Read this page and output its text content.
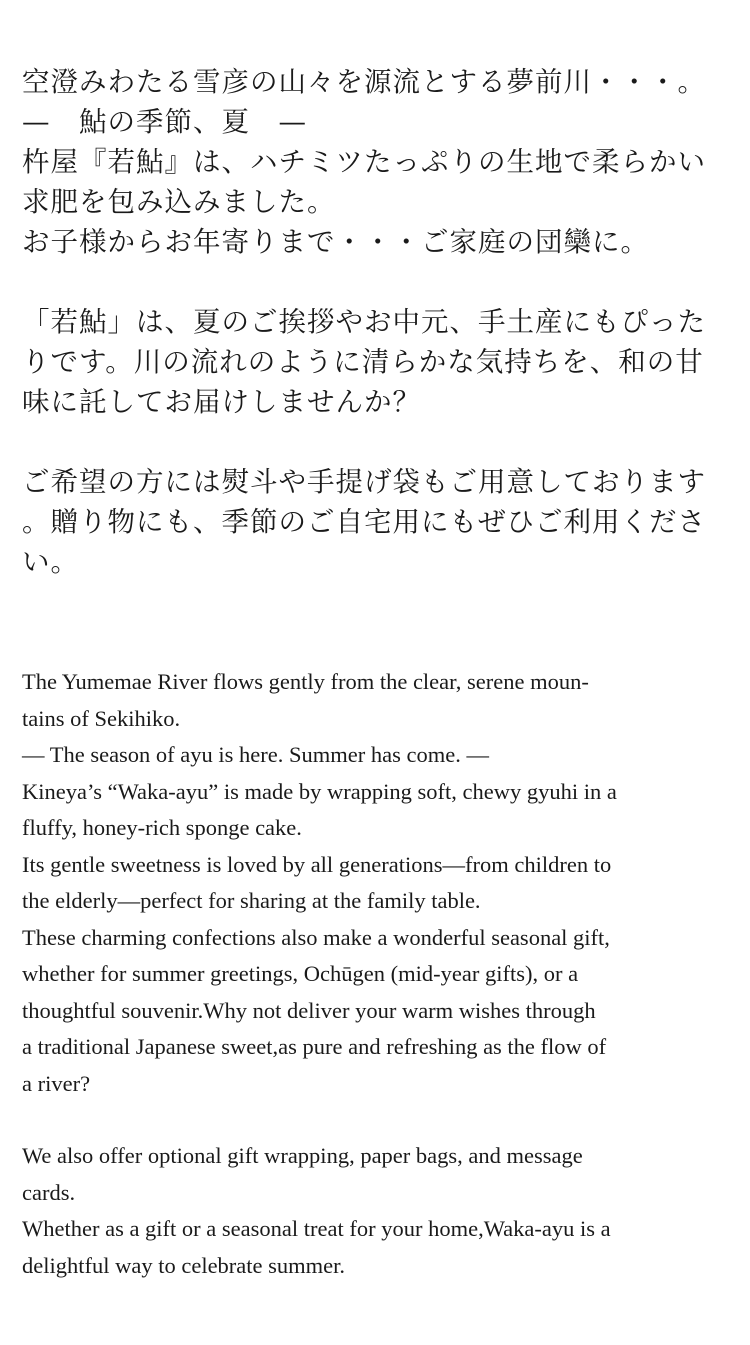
空澄みわたる雪彦の山々を源流とする夢前川・・・。
—　鮎の季節、夏　—
杵屋『若鮎』は、ハチミツたっぷりの生地で柔らかい
求肥を包み込みました。
お子様からお年寄りまで・・・ご家庭の団欒に。

「若鮎」は、夏のご挨拶やお中元、手土産にもぴった
りです。川の流れのように清らかな気持ちを、和の甘
味に託してお届けしませんか？

ご希望の方には熨斗や手提げ袋もご用意しております
。贈り物にも、季節のご自宅用にもぜひご利用くださ
い。

The Yumemae River flows gently from the clear, serene moun-
tains of Sekihiko.
— The season of ayu is here. Summer has come. —
Kineya’s “Waka-ayu” is made by wrapping soft, chewy gyuhi in a
fluffy, honey-rich sponge cake.
Its gentle sweetness is loved by all generations—from children to
the elderly—perfect for sharing at the family table.
These charming confections also make a wonderful seasonal gift,
whether for summer greetings, Ochūgen (mid-year gifts), or a
thoughtful souvenir.Why not deliver your warm wishes through
a traditional Japanese sweet,as pure and refreshing as the flow of
a river?

We also offer optional gift wrapping, paper bags, and message
cards.
Whether as a gift or a seasonal treat for your home,Waka-ayu is a
delightful way to celebrate summer.
